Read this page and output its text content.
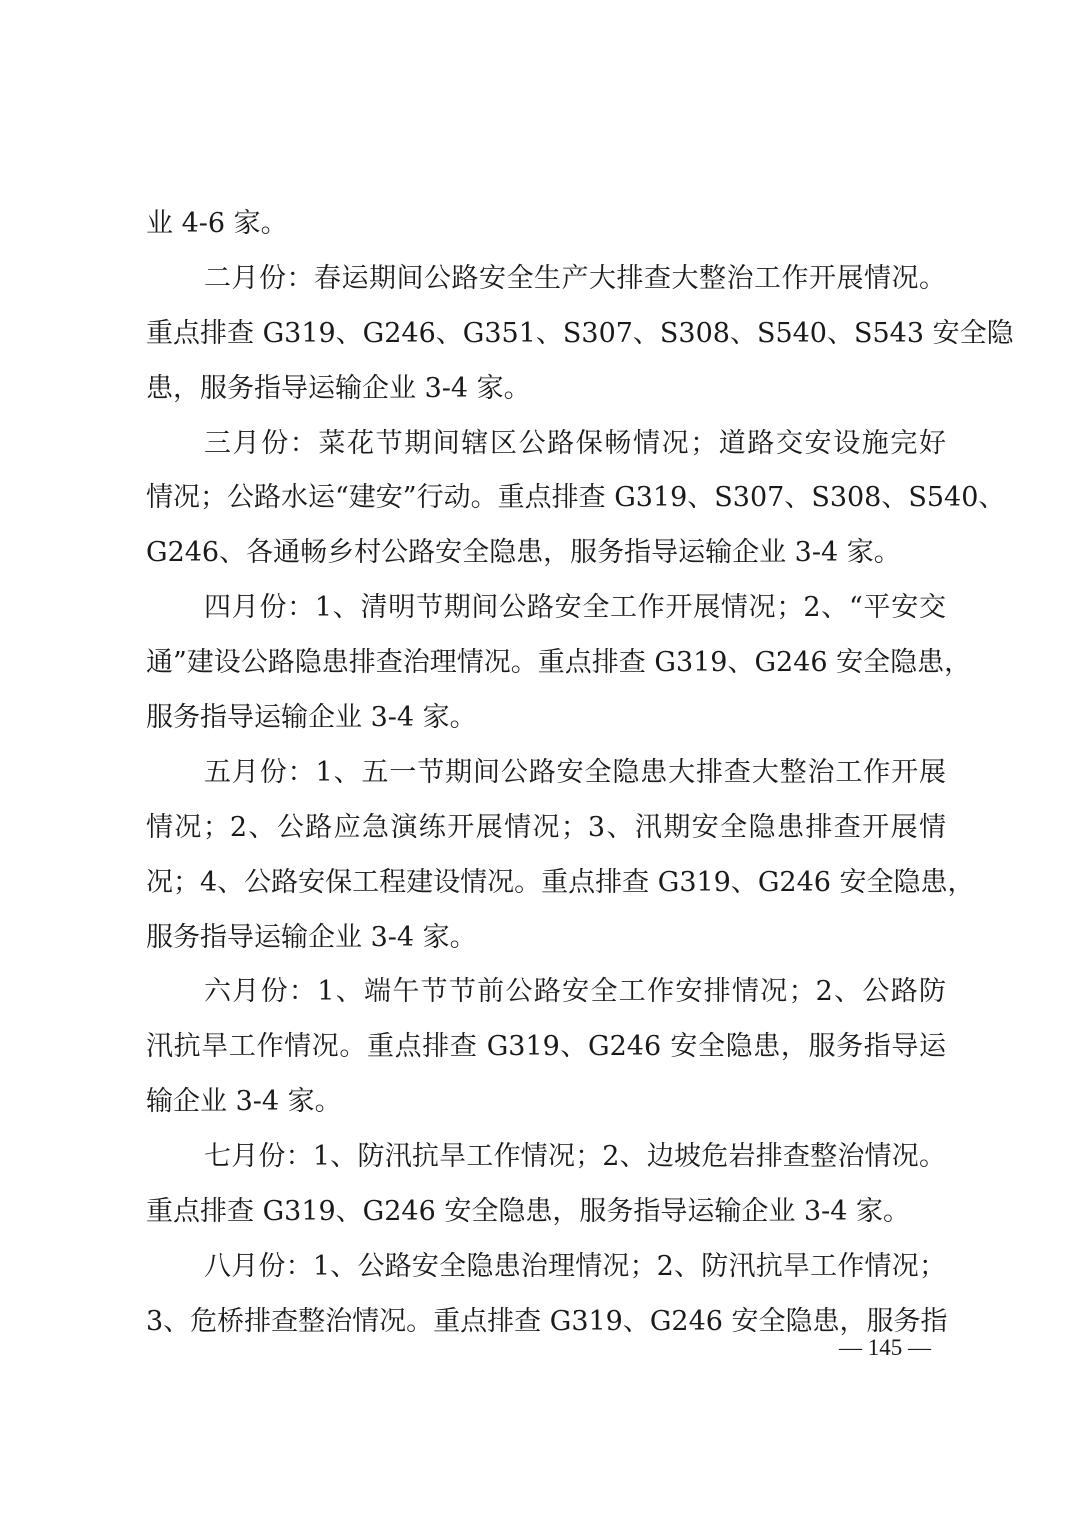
业 4-6 家。
二月份：春运期间公路安全生产大排查大整治工作开展情况。
重点排查 G319、G246、G351、S307、S308、S540、S543 安全隐
患，服务指导运输企业 3-4 家。
三月份：菜花节期间辖区公路保畅情况；道路交安设施完好
情况；公路水运“建安”行动。重点排查 G319、S307、S308、S540、
G246、各通畅乡村公路安全隐患，服务指导运输企业 3-4 家。
四月份：1、清明节期间公路安全工作开展情况；2、“平安交
通”建设公路隐患排查治理情况。重点排查 G319、G246 安全隐患，
服务指导运输企业 3-4 家。
五月份：1、五一节期间公路安全隐患大排查大整治工作开展
情况；2、公路应急演练开展情况；3、汛期安全隐患排查开展情
况；4、公路安保工程建设情况。重点排查 G319、G246 安全隐患，
服务指导运输企业 3-4 家。
六月份：1、端午节节前公路安全工作安排情况；2、公路防
汛抗旱工作情况。重点排查 G319、G246 安全隐患，服务指导运
输企业 3-4 家。
七月份：1、防汛抗旱工作情况；2、边坡危岩排查整治情况。
重点排查 G319、G246 安全隐患，服务指导运输企业 3-4 家。
八月份：1、公路安全隐患治理情况；2、防汛抗旱工作情况；
3、危桥排查整治情况。重点排查 G319、G246 安全隐患，服务指
— 145 —
